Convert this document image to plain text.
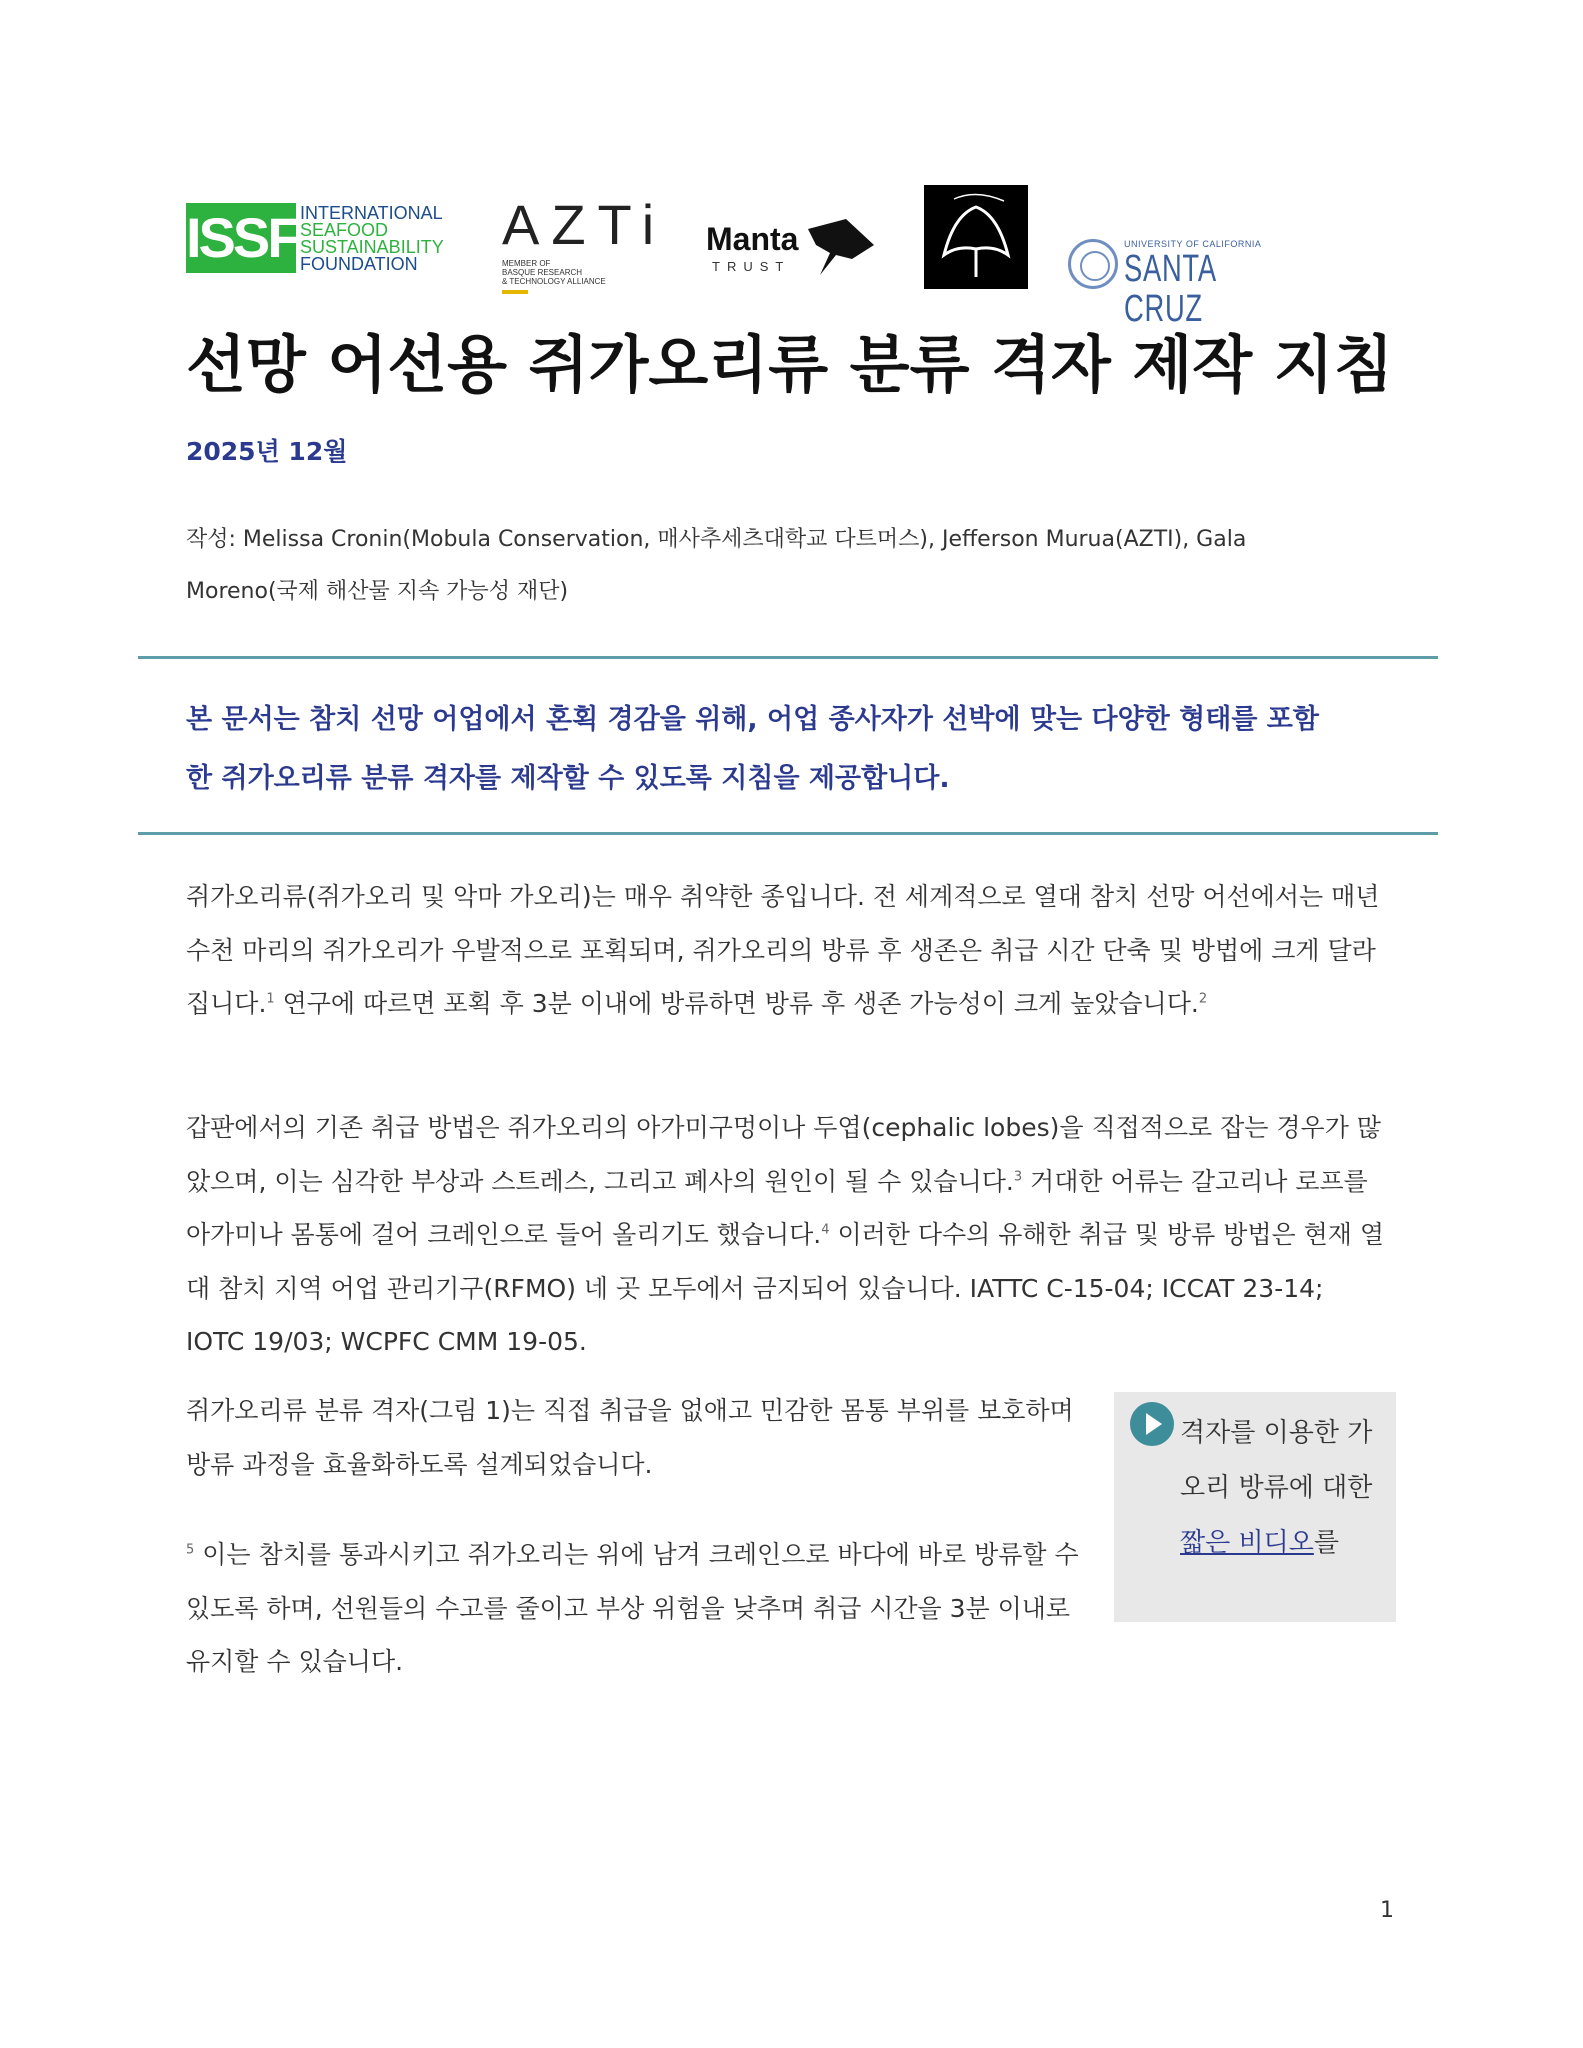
ISSF INTERNATIONAL
SEAFOOD
SUSTAINABILITY
FOUNDATION
AZTi
MEMBER OF
BASQUE RESEARCH
& TECHNOLOGY ALLIANCE
Manta
TRUST
UNIVERSITY OF CALIFORNIA
SANTA CRUZ
선망 어선용 쥐가오리류 분류 격자 제작 지침
2025년 12월
작성: Melissa Cronin(Mobula Conservation, 매사추세츠대학교 다트머스), Jefferson Murua(AZTI), Gala Moreno(국제 해산물 지속 가능성 재단)
본 문서는 참치 선망 어업에서 혼획 경감을 위해, 어업 종사자가 선박에 맞는 다양한 형태를 포함한 쥐가오리류 분류 격자를 제작할 수 있도록 지침을 제공합니다.

쥐가오리류(쥐가오리 및 악마 가오리)는 매우 취약한 종입니다. 전 세계적으로 열대 참치 선망 어선에서는 매년 수천 마리의 쥐가오리가 우발적으로 포획되며, 쥐가오리의 방류 후 생존은 취급 시간 단축 및 방법에 크게 달라집니다.$^1$ 연구에 따르면 포획 후 3분 이내에 방류하면 방류 후 생존 가능성이 크게 높았습니다.$^2$

갑판에서의 기존 취급 방법은 쥐가오리의 아가미구멍이나 두엽(cephalic lobes)을 직접적으로 잡는 경우가 많았으며, 이는 심각한 부상과 스트레스, 그리고 폐사의 원인이 될 수 있습니다.$^3$ 거대한 어류는 갈고리나 로프를 아가미나 몸통에 걸어 크레인으로 들어 올리기도 했습니다.$^4$ 이러한 다수의 유해한 취급 및 방류 방법은 현재 열대 참치 지역 어업 관리기구(RFMO) 네 곳 모두에서 금지되어 있습니다. IATTC C-15-04; ICCAT 23-14; IOTC 19/03; WCPFC CMM 19-05.

쥐가오리류 분류 격자(그림 1)는 직접 취급을 없애고 민감한 몸통 부위를 보호하며 방류 과정을 효율화하도록 설계되었습니다.

$^5$ 이는 참치를 통과시키고 쥐가오리는 위에 남겨 크레인으로 바다에 바로 방류할 수 있도록 하며, 선원들의 수고를 줄이고 부상 위험을 낮추며 취급 시간을 3분 이내로 유지할 수 있습니다.

격자를 이용한 가오리 방류에 대한 짧은 비디오를
1
